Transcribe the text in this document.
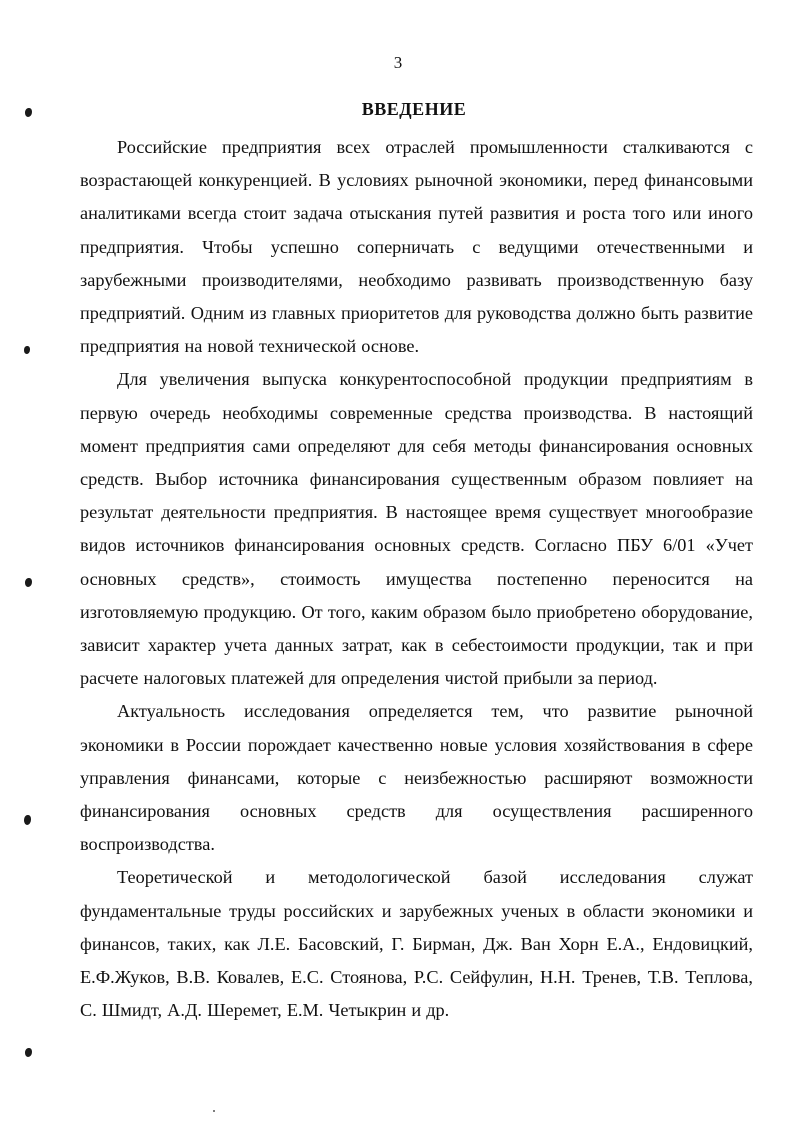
3
ВВЕДЕНИЕ

Российские предприятия всех отраслей промышленности сталкиваются с возрастающей конкуренцией. В условиях рыночной экономики, перед финансовыми аналитиками всегда стоит задача отыскания путей развития и роста того или иного предприятия. Чтобы успешно соперничать с ведущими отечественными и зарубежными производителями, необходимо развивать производственную базу предприятий. Одним из главных приоритетов для руководства должно быть развитие предприятия на новой технической основе.

Для увеличения выпуска конкурентоспособной продукции предприятиям в первую очередь необходимы современные средства производства. В настоящий момент предприятия сами определяют для себя методы финансирования основных средств. Выбор источника финансирования существенным образом повлияет на результат деятельности предприятия. В настоящее время существует многообразие видов источников финансирования основных средств. Согласно ПБУ 6/01 «Учет основных средств», стоимость имущества постепенно переносится на изготовляемую продукцию. От того, каким образом было приобретено оборудование, зависит характер учета данных затрат, как в себестоимости продукции, так и при расчете налоговых платежей для определения чистой прибыли за период.

Актуальность исследования определяется тем, что развитие рыночной экономики в России порождает качественно новые условия хозяйствования в сфере управления финансами, которые с неизбежностью расширяют возможности финансирования основных средств для осуществления расширенного воспроизводства.

Теоретической и методологической базой исследования служат фундаментальные труды российских и зарубежных ученых в области экономики и финансов, таких, как Л.Е. Басовский, Г. Бирман, Дж. Ван Хорн Е.А., Ендовицкий, Е.Ф.Жуков, В.В. Ковалев, Е.С. Стоянова, Р.С. Сейфулин, Н.Н. Тренев, Т.В. Теплова, С. Шмидт, А.Д. Шеремет, Е.М. Четыкрин и др.
